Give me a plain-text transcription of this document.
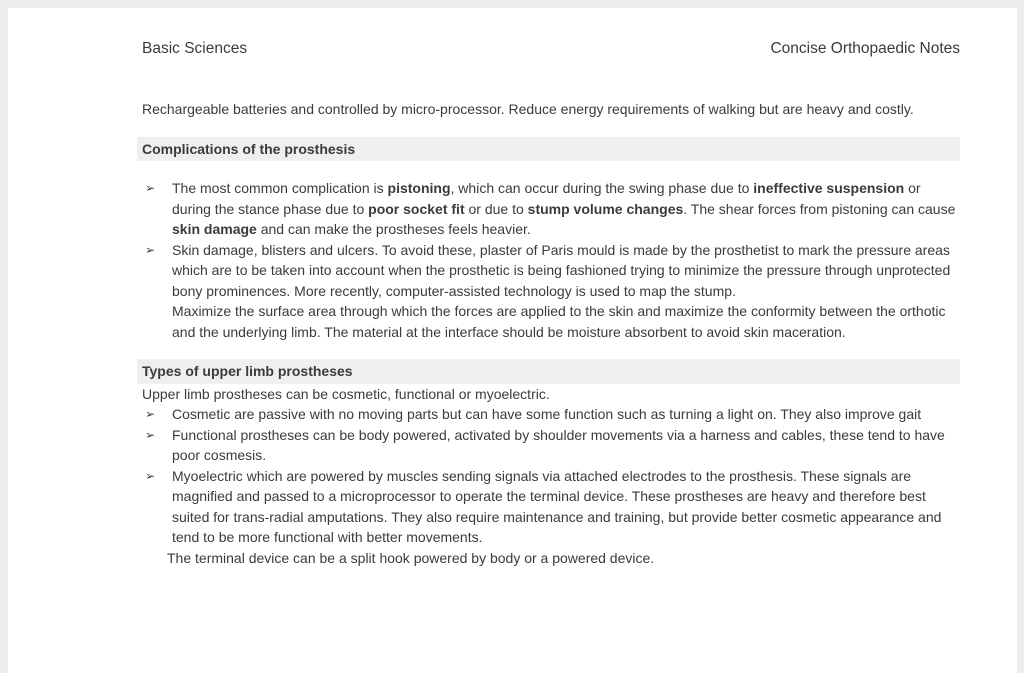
Basic Sciences	Concise Orthopaedic Notes
Rechargeable batteries and controlled by micro-processor. Reduce energy requirements of walking but are heavy and costly.
Complications of the prosthesis
➢	The most common complication is pistoning, which can occur during the swing phase due to ineffective suspension or during the stance phase due to poor socket fit or due to stump volume changes. The shear forces from pistoning can cause skin damage and can make the prostheses feels heavier.
➢	Skin damage, blisters and ulcers. To avoid these, plaster of Paris mould is made by the prosthetist to mark the pressure areas which are to be taken into account when the prosthetic is being fashioned trying to minimize the pressure through unprotected bony prominences. More recently, computer-assisted technology is used to map the stump.
Maximize the surface area through which the forces are applied to the skin and maximize the conformity between the orthotic and the underlying limb. The material at the interface should be moisture absorbent to avoid skin maceration.
Types of upper limb prostheses
Upper limb prostheses can be cosmetic, functional or myoelectric.
➢	Cosmetic are passive with no moving parts but can have some function such as turning a light on. They also improve gait
➢	Functional prostheses can be body powered, activated by shoulder movements via a harness and cables, these tend to have poor cosmesis.
➢	Myoelectric which are powered by muscles sending signals via attached electrodes to the prosthesis. These signals are magnified and passed to a microprocessor to operate the terminal device. These prostheses are heavy and therefore best suited for trans-radial amputations. They also require maintenance and training, but provide better cosmetic appearance and tend to be more functional with better movements.
The terminal device can be a split hook powered by body or a powered device.
